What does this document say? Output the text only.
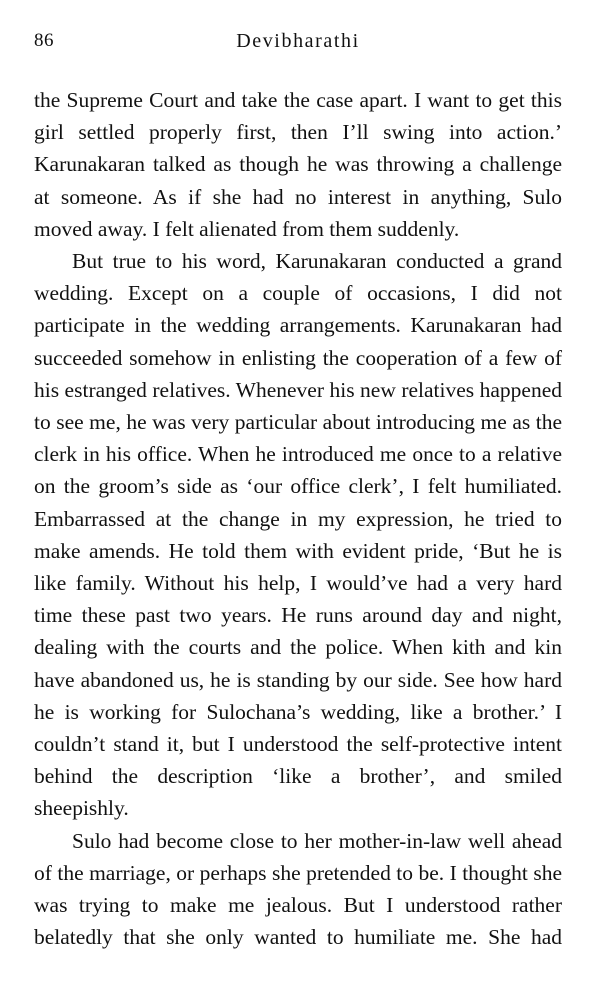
86	Devibharathi

the Supreme Court and take the case apart. I want to get this girl settled properly first, then I’ll swing into action.’ Karunakaran talked as though he was throwing a challenge at someone. As if she had no interest in anything, Sulo moved away. I felt alienated from them suddenly.

But true to his word, Karunakaran conducted a grand wedding. Except on a couple of occasions, I did not participate in the wedding arrangements. Karunakaran had succeeded somehow in enlisting the cooperation of a few of his estranged relatives. Whenever his new relatives happened to see me, he was very particular about introducing me as the clerk in his office. When he introduced me once to a relative on the groom’s side as ‘our office clerk’, I felt humiliated. Embarrassed at the change in my expression, he tried to make amends. He told them with evident pride, ‘But he is like family. Without his help, I would’ve had a very hard time these past two years. He runs around day and night, dealing with the courts and the police. When kith and kin have abandoned us, he is standing by our side. See how hard he is working for Sulochana’s wedding, like a brother.’ I couldn’t stand it, but I understood the self-protective intent behind the description ‘like a brother’, and smiled sheepishly.

Sulo had become close to her mother-in-law well ahead of the marriage, or perhaps she pretended to be. I thought she was trying to make me jealous. But I understood rather belatedly that she only wanted to humiliate me. She had
